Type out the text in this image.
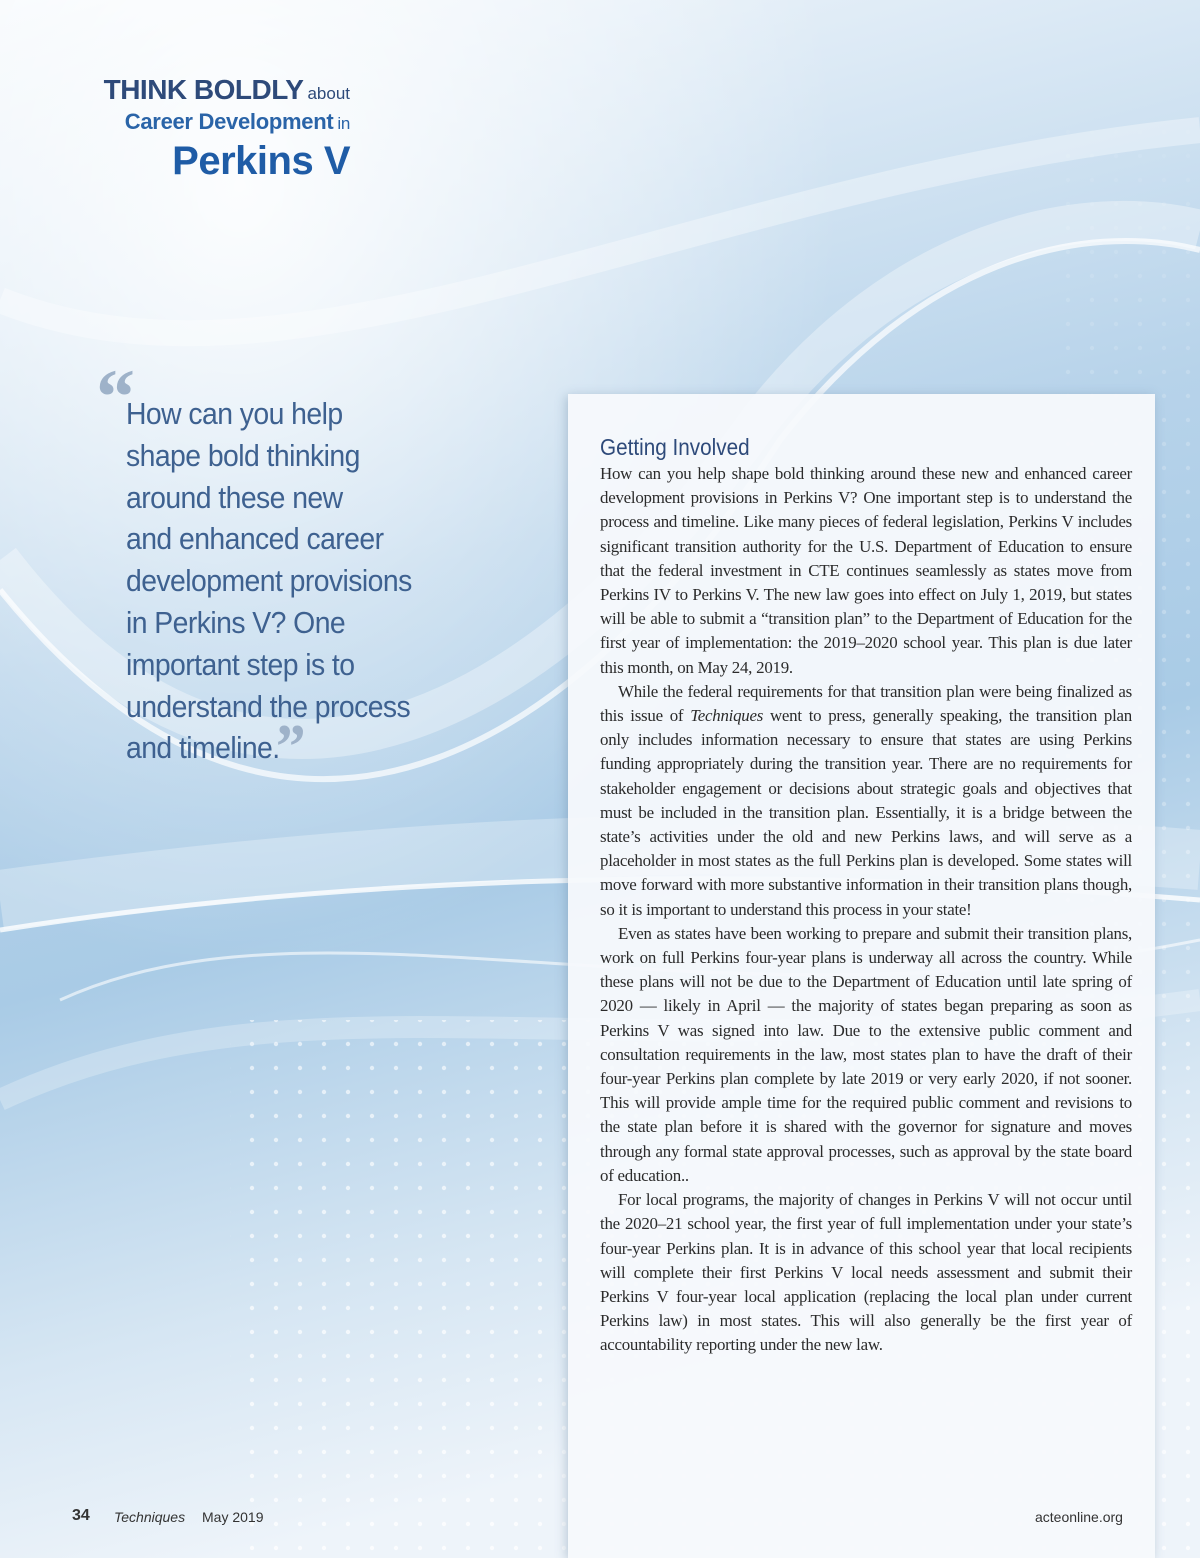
THINK BOLDLY about
Career Development in
Perkins V
“
How can you help
shape bold thinking
around these new
and enhanced career
development provisions
in Perkins V? One
important step is to
understand the process
and timeline.”
Getting Involved

How can you help shape bold thinking around these new and enhanced career development provisions in Perkins V? One important step is to understand the process and timeline. Like many pieces of federal legislation, Perkins V includes significant transition authority for the U.S. Department of Education to ensure that the federal investment in CTE continues seamlessly as states move from Perkins IV to Perkins V. The new law goes into effect on July 1, 2019, but states will be able to submit a “transition plan” to the Department of Education for the first year of implementation: the 2019–2020 school year. This plan is due later this month, on May 24, 2019.

While the federal requirements for that transition plan were being finalized as this issue of Techniques went to press, generally speaking, the transition plan only includes information necessary to ensure that states are using Perkins funding appropriately during the transition year. There are no requirements for stakeholder engagement or decisions about strategic goals and objectives that must be included in the transition plan. Essentially, it is a bridge between the state’s activities under the old and new Perkins laws, and will serve as a placeholder in most states as the full Perkins plan is developed. Some states will move forward with more substantive information in their transition plans though, so it is important to understand this process in your state!

Even as states have been working to prepare and submit their transition plans, work on full Perkins four-year plans is underway all across the country. While these plans will not be due to the Department of Education until late spring of 2020 — likely in April — the majority of states began preparing as soon as Perkins V was signed into law. Due to the extensive public comment and consultation requirements in the law, most states plan to have the draft of their four-year Perkins plan complete by late 2019 or very early 2020, if not sooner. This will provide ample time for the required public comment and revisions to the state plan before it is shared with the governor for signature and moves through any formal state approval processes, such as approval by the state board of education..

For local programs, the majority of changes in Perkins V will not occur until the 2020–21 school year, the first year of full implementation under your state’s four-year Perkins plan. It is in advance of this school year that local recipients will complete their first Perkins V local needs assessment and submit their Perkins V four-year local application (replacing the local plan under current Perkins law) in most states. This will also generally be the first year of accountability reporting under the new law.

34 Techniques May 2019	acteonline.org
